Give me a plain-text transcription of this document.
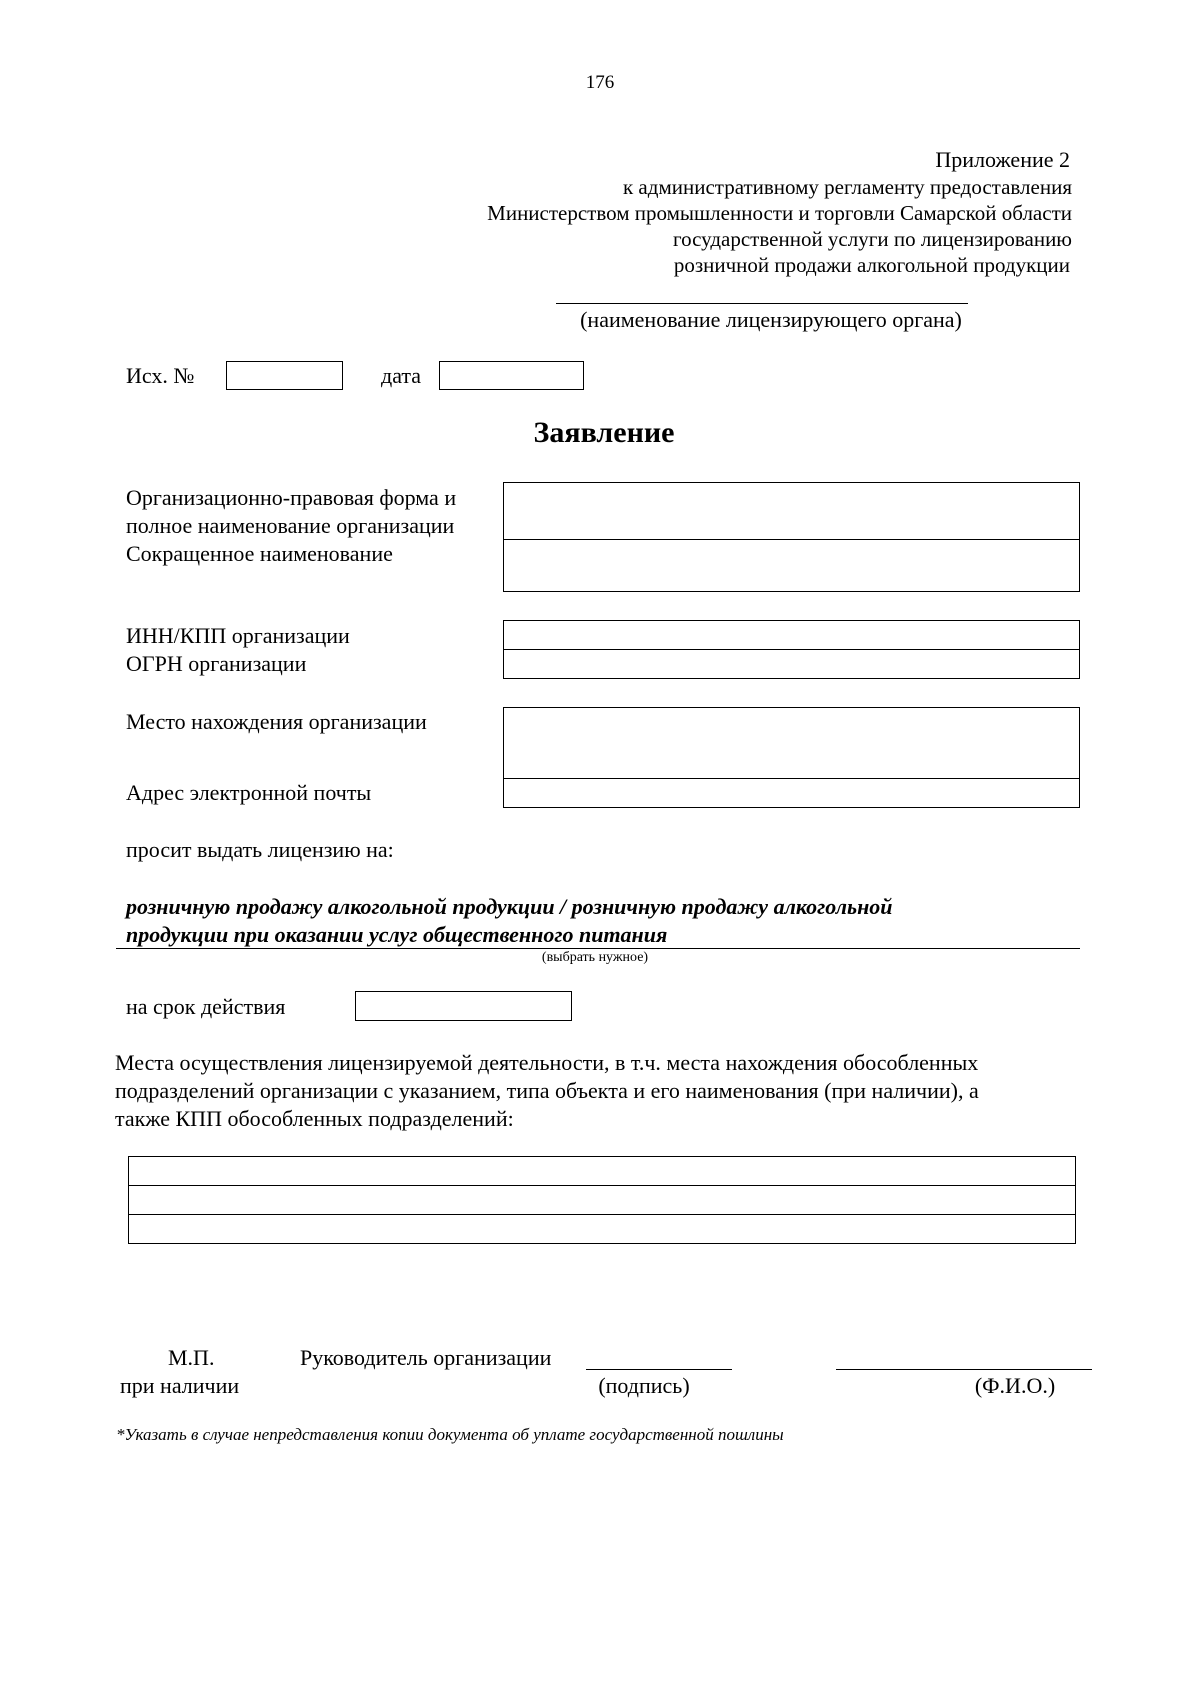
176
Приложение 2
к административному регламенту предоставления
Министерством промышленности и торговли Самарской области
государственной услуги по лицензированию
розничной продажи алкогольной продукции
(наименование лицензирующего органа)
Исх. №	дата
Заявление
Организационно-правовая форма и
полное наименование организации
Сокращенное наименование
ИНН/КПП организации
ОГРН организации
Место нахождения организации
Адрес электронной почты
просит выдать лицензию на:
розничную продажу алкогольной продукции / розничную продажу алкогольной
продукции при оказании услуг общественного питания
(выбрать нужное)
на срок действия
Места осуществления лицензируемой деятельности, в т.ч. места нахождения обособленных
подразделений организации с указанием, типа объекта и его наименования (при наличии), а
также КПП обособленных подразделений:
М.П.
при наличии
Руководитель организации
(подпись)	(Ф.И.О.)
*Указать в случае непредставления копии документа об уплате государственной пошлины
